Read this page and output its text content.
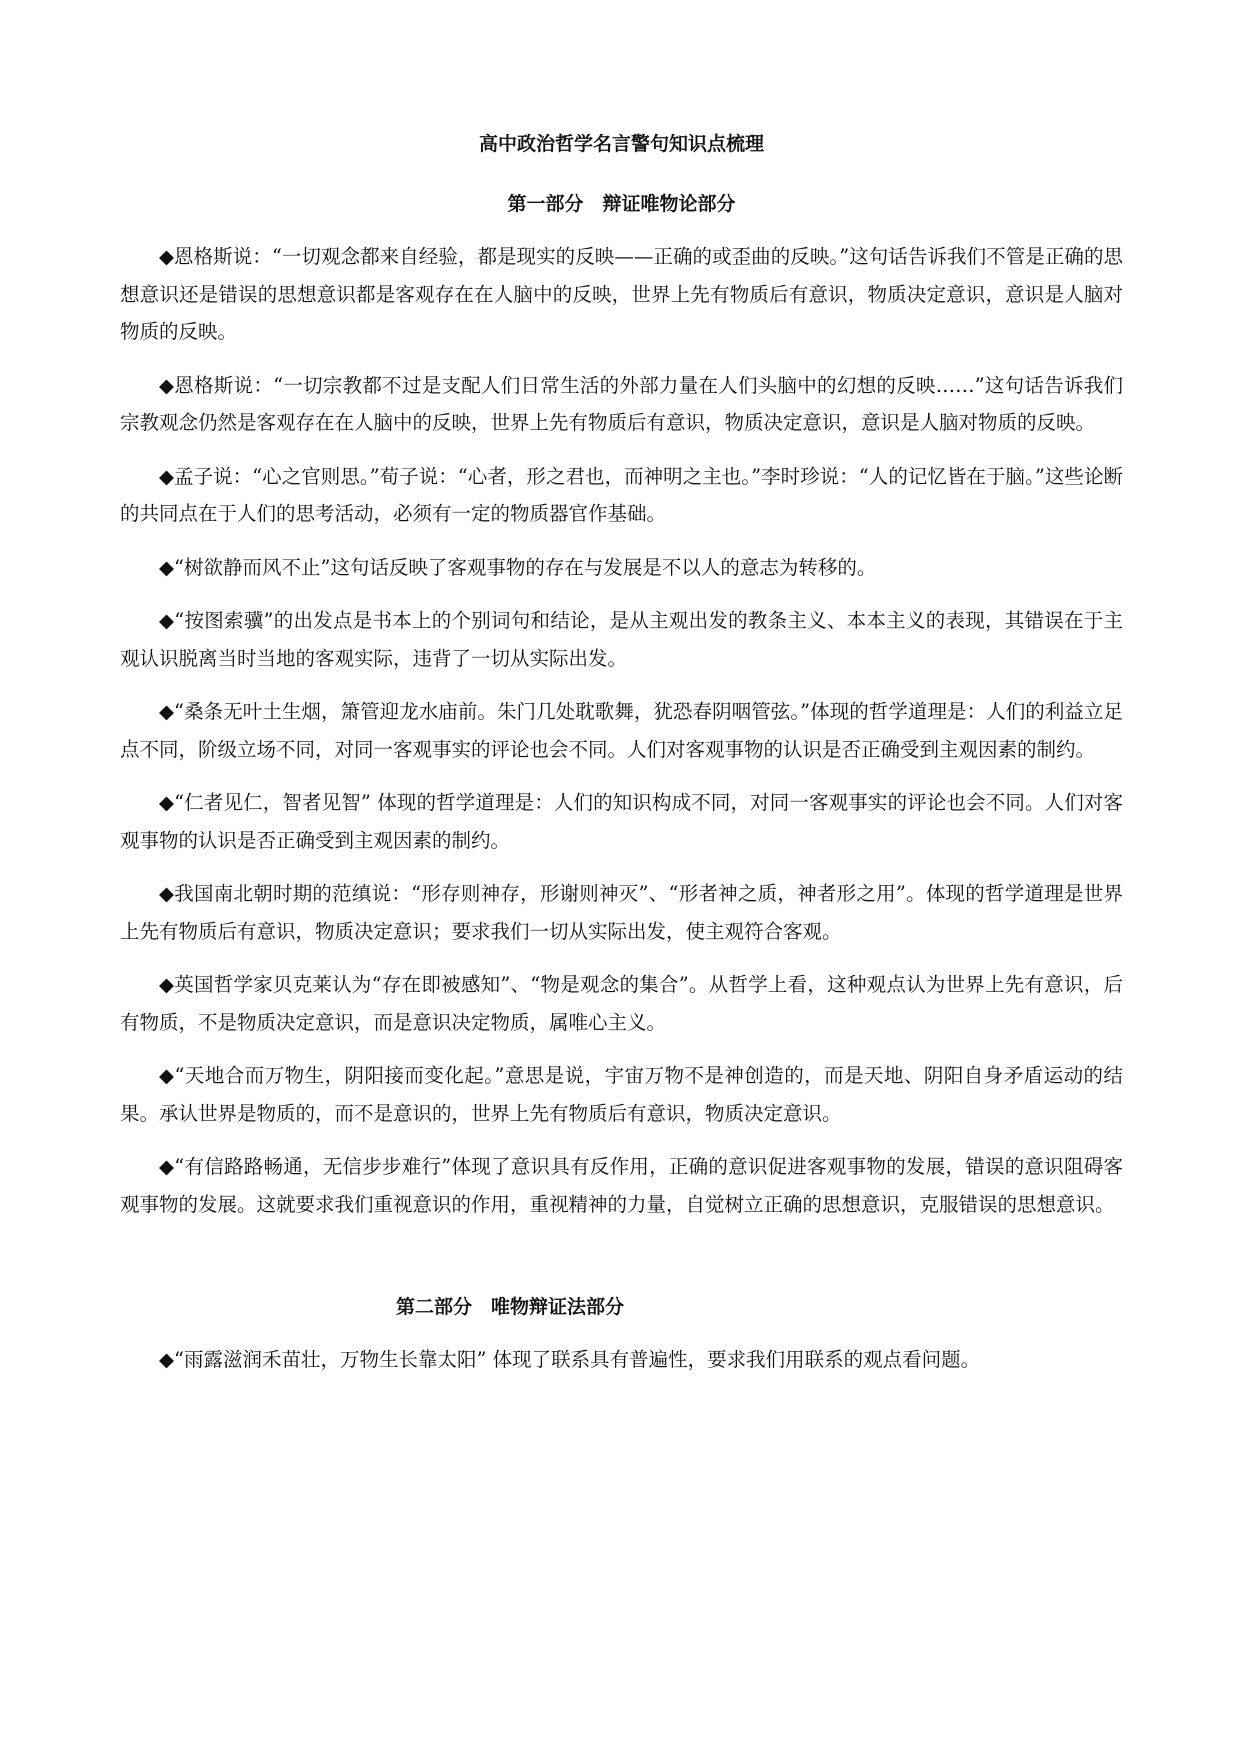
高中政治哲学名言警句知识点梳理
第一部分　辩证唯物论部分
◆恩格斯说：“一切观念都来自经验，都是现实的反映——正确的或歪曲的反映。”这句话告诉我们不管是正确的思想意识还是错误的思想意识都是客观存在在人脑中的反映，世界上先有物质后有意识，物质决定意识，意识是人脑对物质的反映。
◆恩格斯说：“一切宗教都不过是支配人们日常生活的外部力量在人们头脑中的幻想的反映……”这句话告诉我们宗教观念仍然是客观存在在人脑中的反映，世界上先有物质后有意识，物质决定意识，意识是人脑对物质的反映。
◆孟子说：“心之官则思。”荀子说：“心者，形之君也，而神明之主也。”李时珍说：“人的记忆皆在于脑。”这些论断的共同点在于人们的思考活动，必须有一定的物质器官作基础。
◆“树欲静而风不止”这句话反映了客观事物的存在与发展是不以人的意志为转移的。
◆“按图索骥”的出发点是书本上的个别词句和结论，是从主观出发的教条主义、本本主义的表现，其错误在于主观认识脱离当时当地的客观实际，违背了一切从实际出发。
◆“桑条无叶土生烟，箫管迎龙水庙前。朱门几处耽歌舞，犹恐春阴咽管弦。”体现的哲学道理是：人们的利益立足点不同，阶级立场不同，对同一客观事实的评论也会不同。人们对客观事物的认识是否正确受到主观因素的制约。
◆“仁者见仁，智者见智” 体现的哲学道理是：人们的知识构成不同，对同一客观事实的评论也会不同。人们对客观事物的认识是否正确受到主观因素的制约。
◆我国南北朝时期的范缜说：“形存则神存，形谢则神灭”、“形者神之质，神者形之用”。体现的哲学道理是世界上先有物质后有意识，物质决定意识；要求我们一切从实际出发，使主观符合客观。
◆英国哲学家贝克莱认为“存在即被感知”、“物是观念的集合”。从哲学上看，这种观点认为世界上先有意识，后有物质，不是物质决定意识，而是意识决定物质，属唯心主义。
◆“天地合而万物生，阴阳接而变化起。”意思是说，宇宙万物不是神创造的，而是天地、阴阳自身矛盾运动的结果。承认世界是物质的，而不是意识的，世界上先有物质后有意识，物质决定意识。
◆“有信路路畅通，无信步步难行”体现了意识具有反作用，正确的意识促进客观事物的发展，错误的意识阻碍客观事物的发展。这就要求我们重视意识的作用，重视精神的力量，自觉树立正确的思想意识，克服错误的思想意识。
第二部分　唯物辩证法部分
◆“雨露滋润禾苗壮，万物生长靠太阳” 体现了联系具有普遍性，要求我们用联系的观点看问题。
